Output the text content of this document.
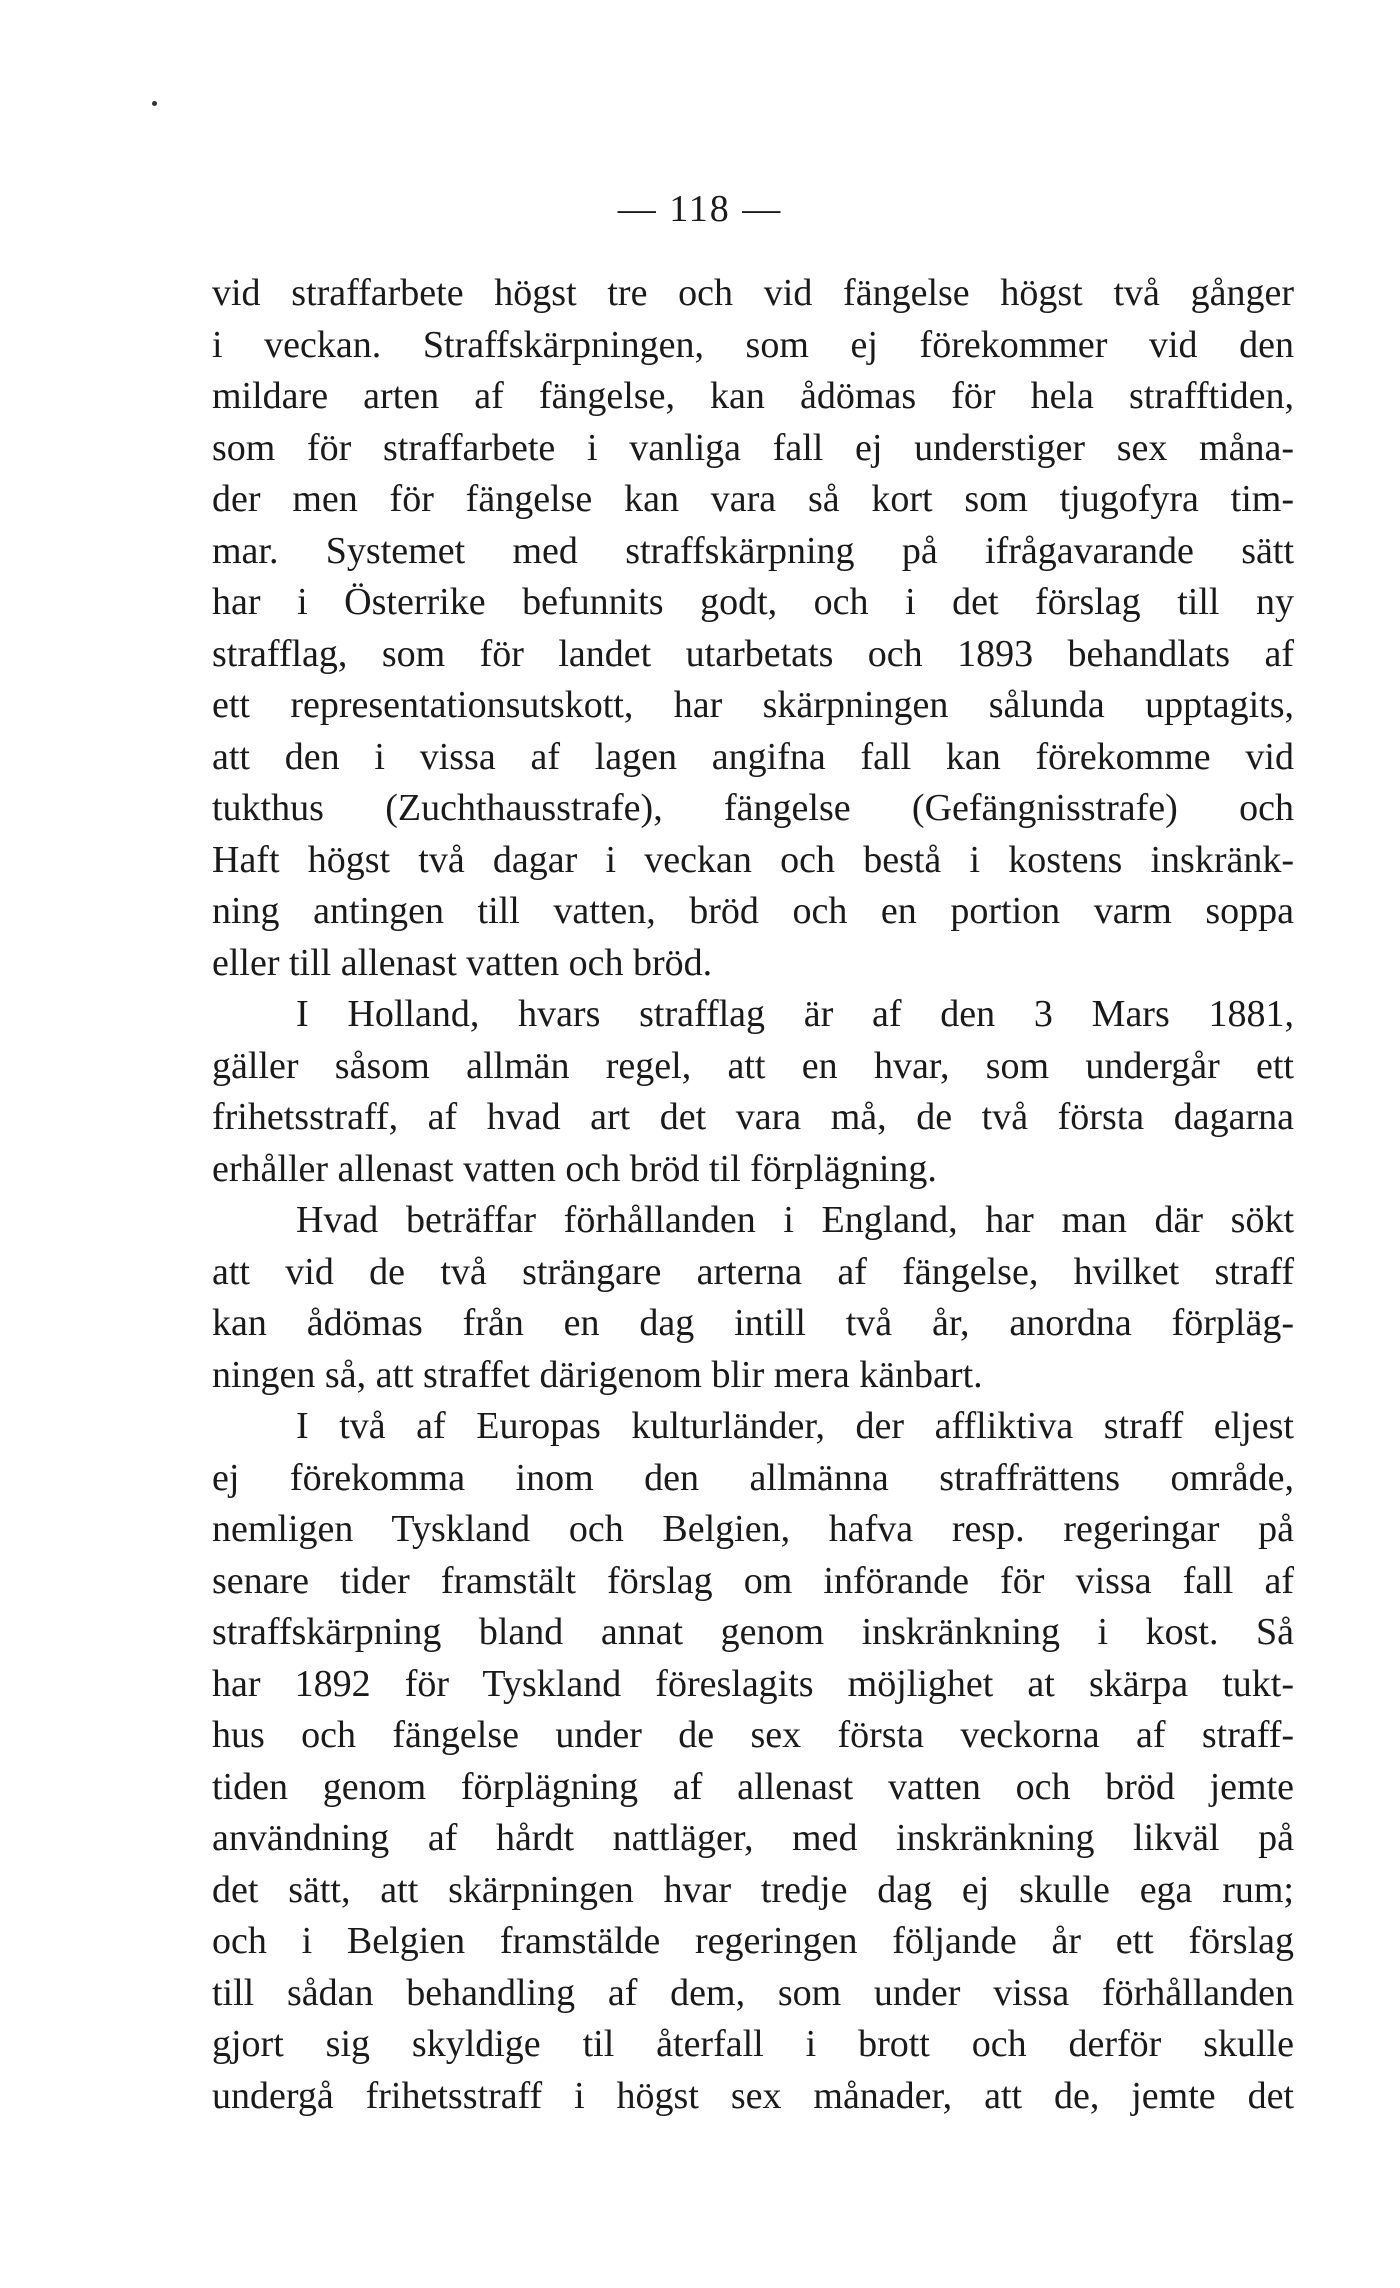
— 118 —
vid straffarbete högst tre och vid fängelse högst två gånger
i veckan. Straffskärpningen, som ej förekommer vid den
mildare arten af fängelse, kan ådömas för hela strafftiden,
som för straffarbete i vanliga fall ej understiger sex måna-
der men för fängelse kan vara så kort som tjugofyra tim-
mar. Systemet med straffskärpning på ifrågavarande sätt
har i Österrike befunnits godt, och i det förslag till ny
strafflag, som för landet utarbetats och 1893 behandlats af
ett representationsutskott, har skärpningen sålunda upptagits,
att den i vissa af lagen angifna fall kan förekomme vid
tukthus (Zuchthausstrafe), fängelse (Gefängnisstrafe) och
Haft högst två dagar i veckan och bestå i kostens inskränk-
ning antingen till vatten, bröd och en portion varm soppa
eller till allenast vatten och bröd.
I Holland, hvars strafflag är af den 3 Mars 1881,
gäller såsom allmän regel, att en hvar, som undergår ett
frihetsstraff, af hvad art det vara må, de två första dagarna
erhåller allenast vatten och bröd til förplägning.
Hvad beträffar förhållanden i England, har man där sökt
att vid de två strängare arterna af fängelse, hvilket straff
kan ådömas från en dag intill två år, anordna förpläg-
ningen så, att straffet därigenom blir mera känbart.
I två af Europas kulturländer, der affliktiva straff eljest
ej förekomma inom den allmänna straffrättens område,
nemligen Tyskland och Belgien, hafva resp. regeringar på
senare tider framstält förslag om införande för vissa fall af
straffskärpning bland annat genom inskränkning i kost. Så
har 1892 för Tyskland föreslagits möjlighet at skärpa tukt-
hus och fängelse under de sex första veckorna af straff-
tiden genom förplägning af allenast vatten och bröd jemte
användning af hårdt nattläger, med inskränkning likväl på
det sätt, att skärpningen hvar tredje dag ej skulle ega rum;
och i Belgien framstälde regeringen följande år ett förslag
till sådan behandling af dem, som under vissa förhållanden
gjort sig skyldige til återfall i brott och derför skulle
undergå frihetsstraff i högst sex månader, att de, jemte det
